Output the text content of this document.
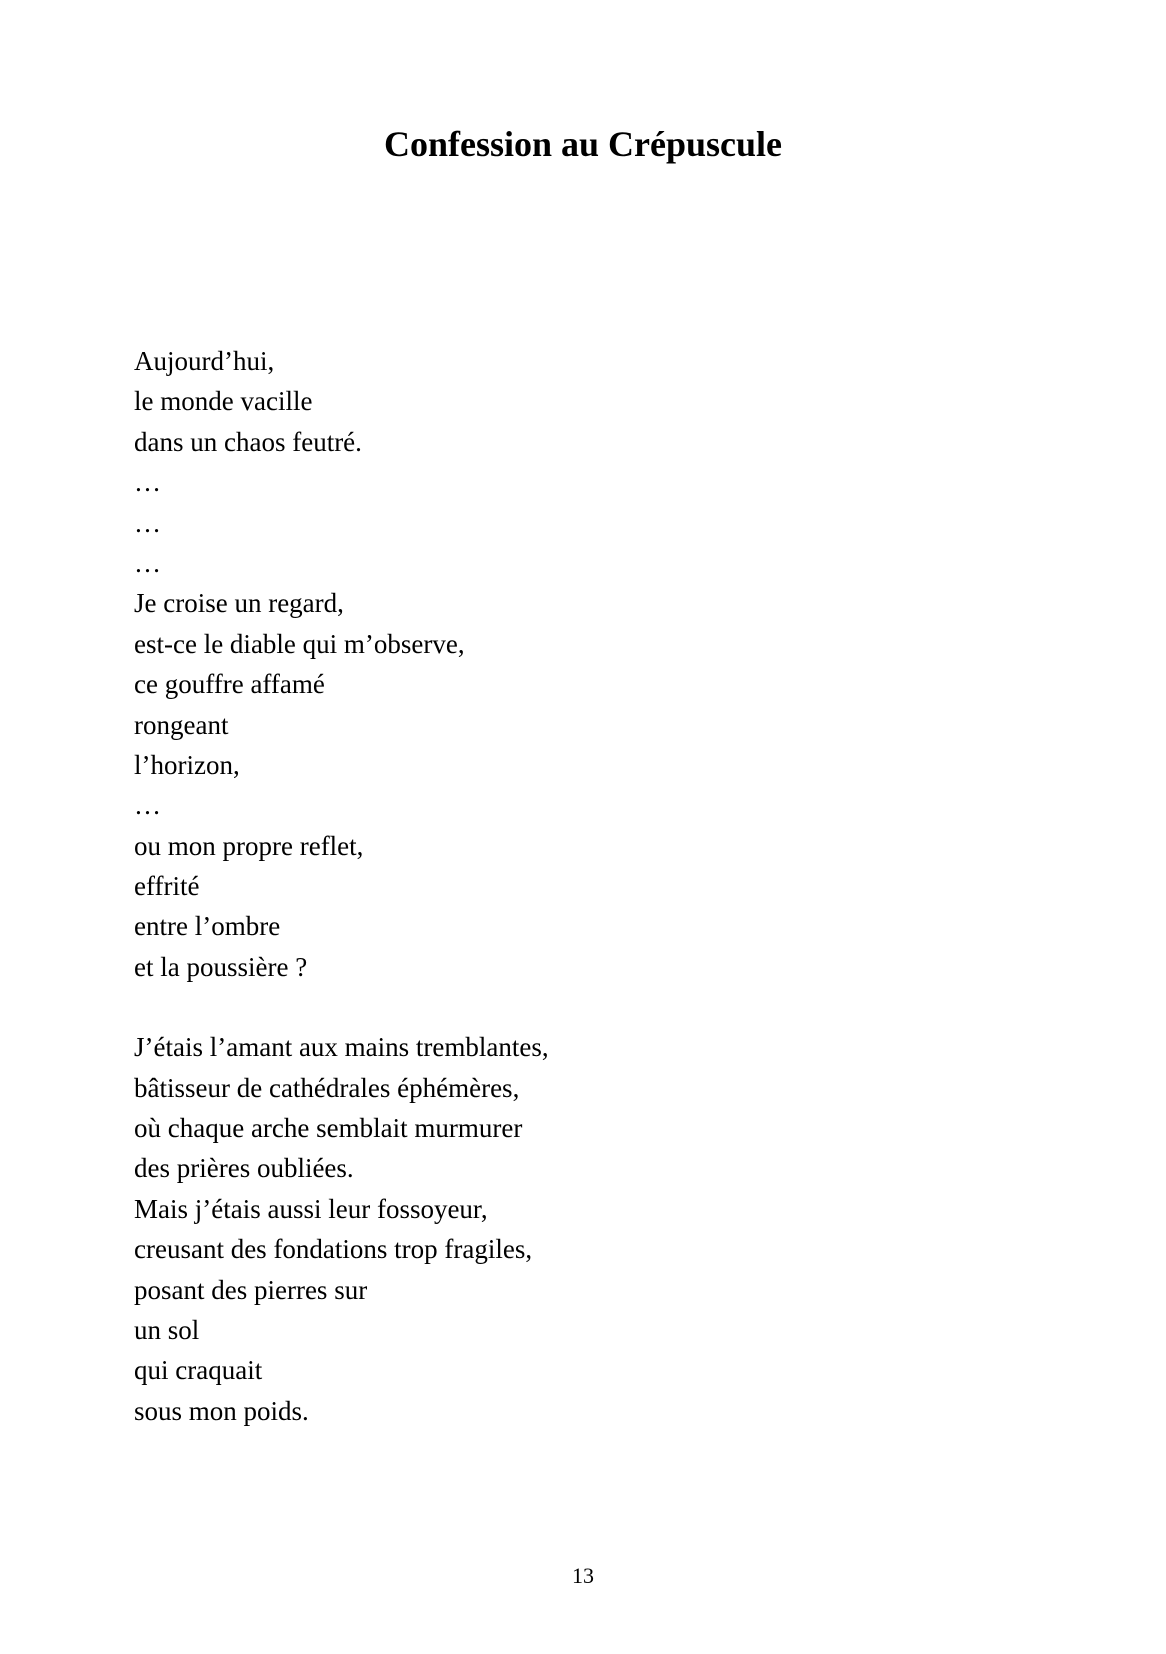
Confession au Crépuscule

Aujourd’hui,
le monde vacille
dans un chaos feutré.
…
…
…
Je croise un regard,
est-ce le diable qui m’observe,
ce gouffre affamé
rongeant
l’horizon,
…
ou mon propre reflet,
effrité
entre l’ombre
et la poussière ?

J’étais l’amant aux mains tremblantes,
bâtisseur de cathédrales éphémères,
où chaque arche semblait murmurer
des prières oubliées.
Mais j’étais aussi leur fossoyeur,
creusant des fondations trop fragiles,
posant des pierres sur
un sol
qui craquait
sous mon poids.

13
